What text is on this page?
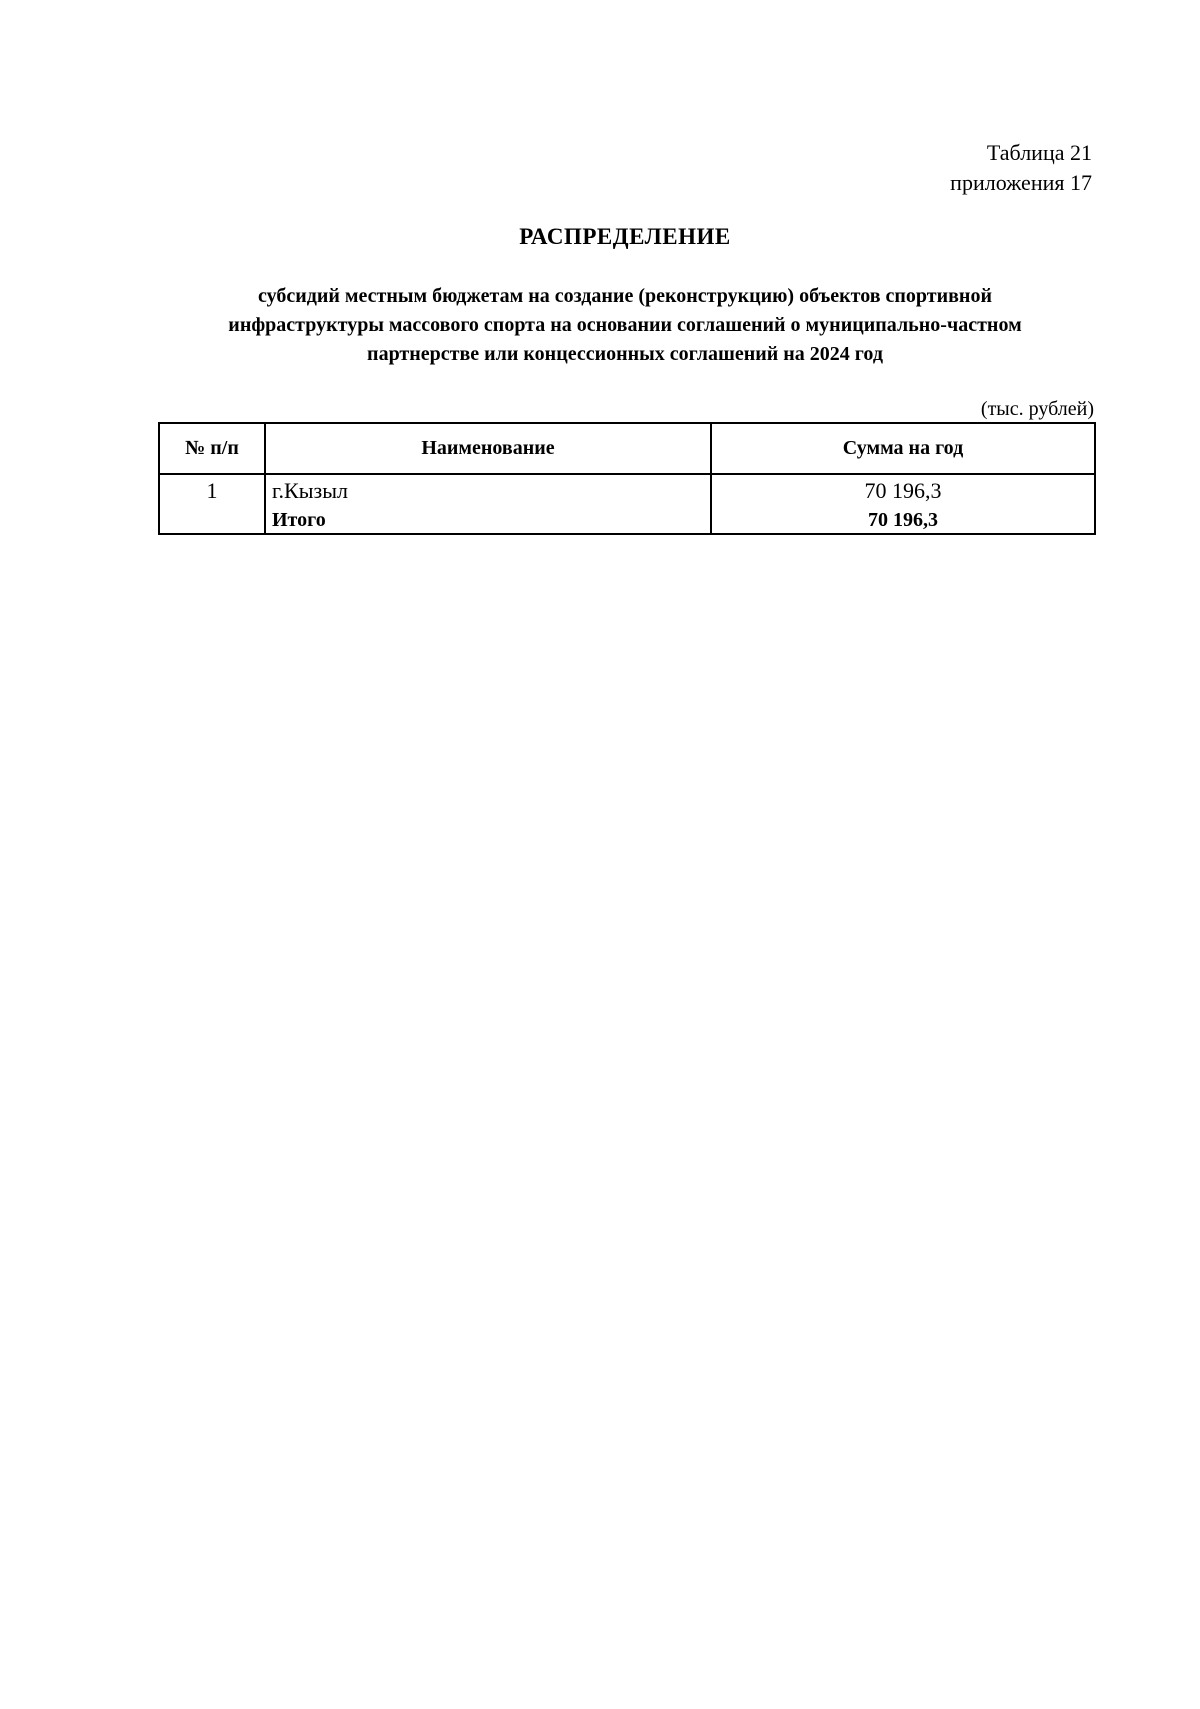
Таблица 21
приложения 17
РАСПРЕДЕЛЕНИЕ
субсидий местным бюджетам на создание (реконструкцию) объектов спортивной
инфраструктуры массового спорта на основании соглашений о муниципально-частном
партнерстве или концессионных соглашений на 2024 год
(тыс. рублей)
№ п/п	Наименование	Сумма на год
1	г.Кызыл	70 196,3
	Итого	70 196,3
